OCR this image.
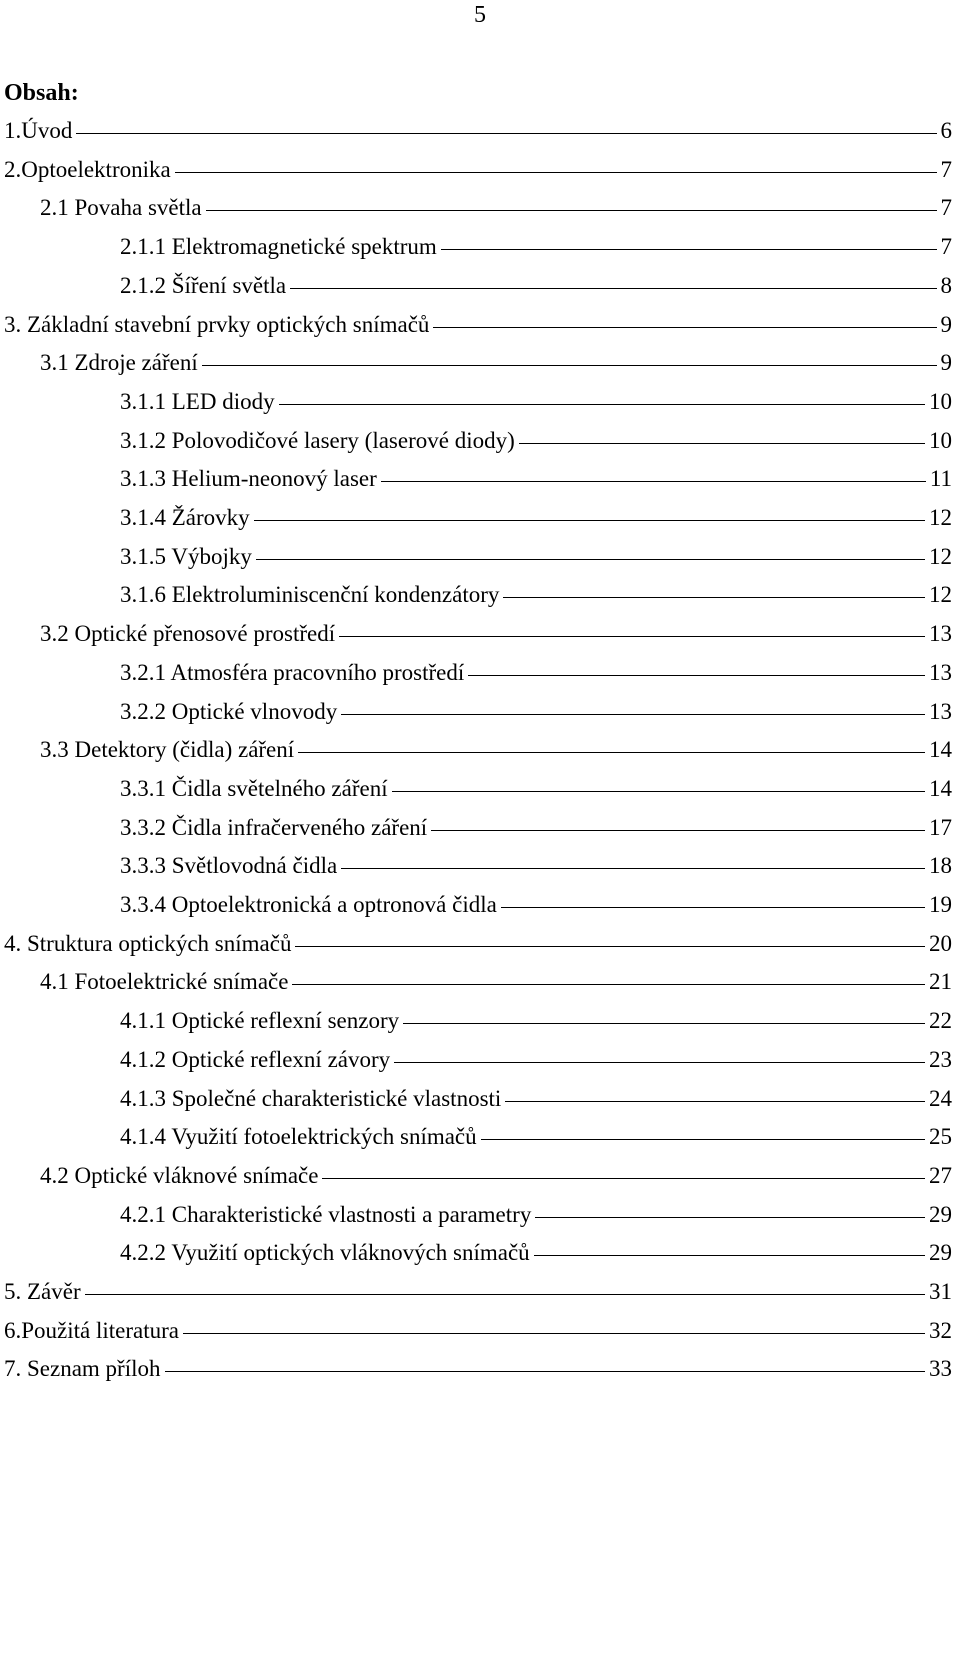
5
Obsah:
1.Úvod	6
2.Optoelektronika	7
2.1 Povaha světla	7
2.1.1 Elektromagnetické spektrum	7
2.1.2 Šíření světla	8
3. Základní stavební prvky optických snímačů	9
3.1 Zdroje záření	9
3.1.1 LED diody	10
3.1.2 Polovodičové lasery (laserové diody)	10
3.1.3 Helium-neonový laser	11
3.1.4 Žárovky	12
3.1.5 Výbojky	12
3.1.6 Elektroluminiscenční kondenzátory	12
3.2 Optické přenosové prostředí	13
3.2.1 Atmosféra pracovního prostředí	13
3.2.2 Optické vlnovody	13
3.3 Detektory (čidla) záření	14
3.3.1 Čidla světelného záření	14
3.3.2 Čidla infračerveného záření	17
3.3.3 Světlovodná čidla	18
3.3.4 Optoelektronická a optronová čidla	19
4. Struktura optických snímačů	20
4.1 Fotoelektrické snímače	21
4.1.1 Optické reflexní senzory	22
4.1.2 Optické reflexní závory	23
4.1.3 Společné charakteristické vlastnosti	24
4.1.4 Využití fotoelektrických snímačů	25
4.2 Optické vláknové snímače	27
4.2.1 Charakteristické vlastnosti a parametry	29
4.2.2 Využití optických vláknových snímačů	29
5. Závěr	31
6.Použitá literatura	32
7. Seznam příloh	33
